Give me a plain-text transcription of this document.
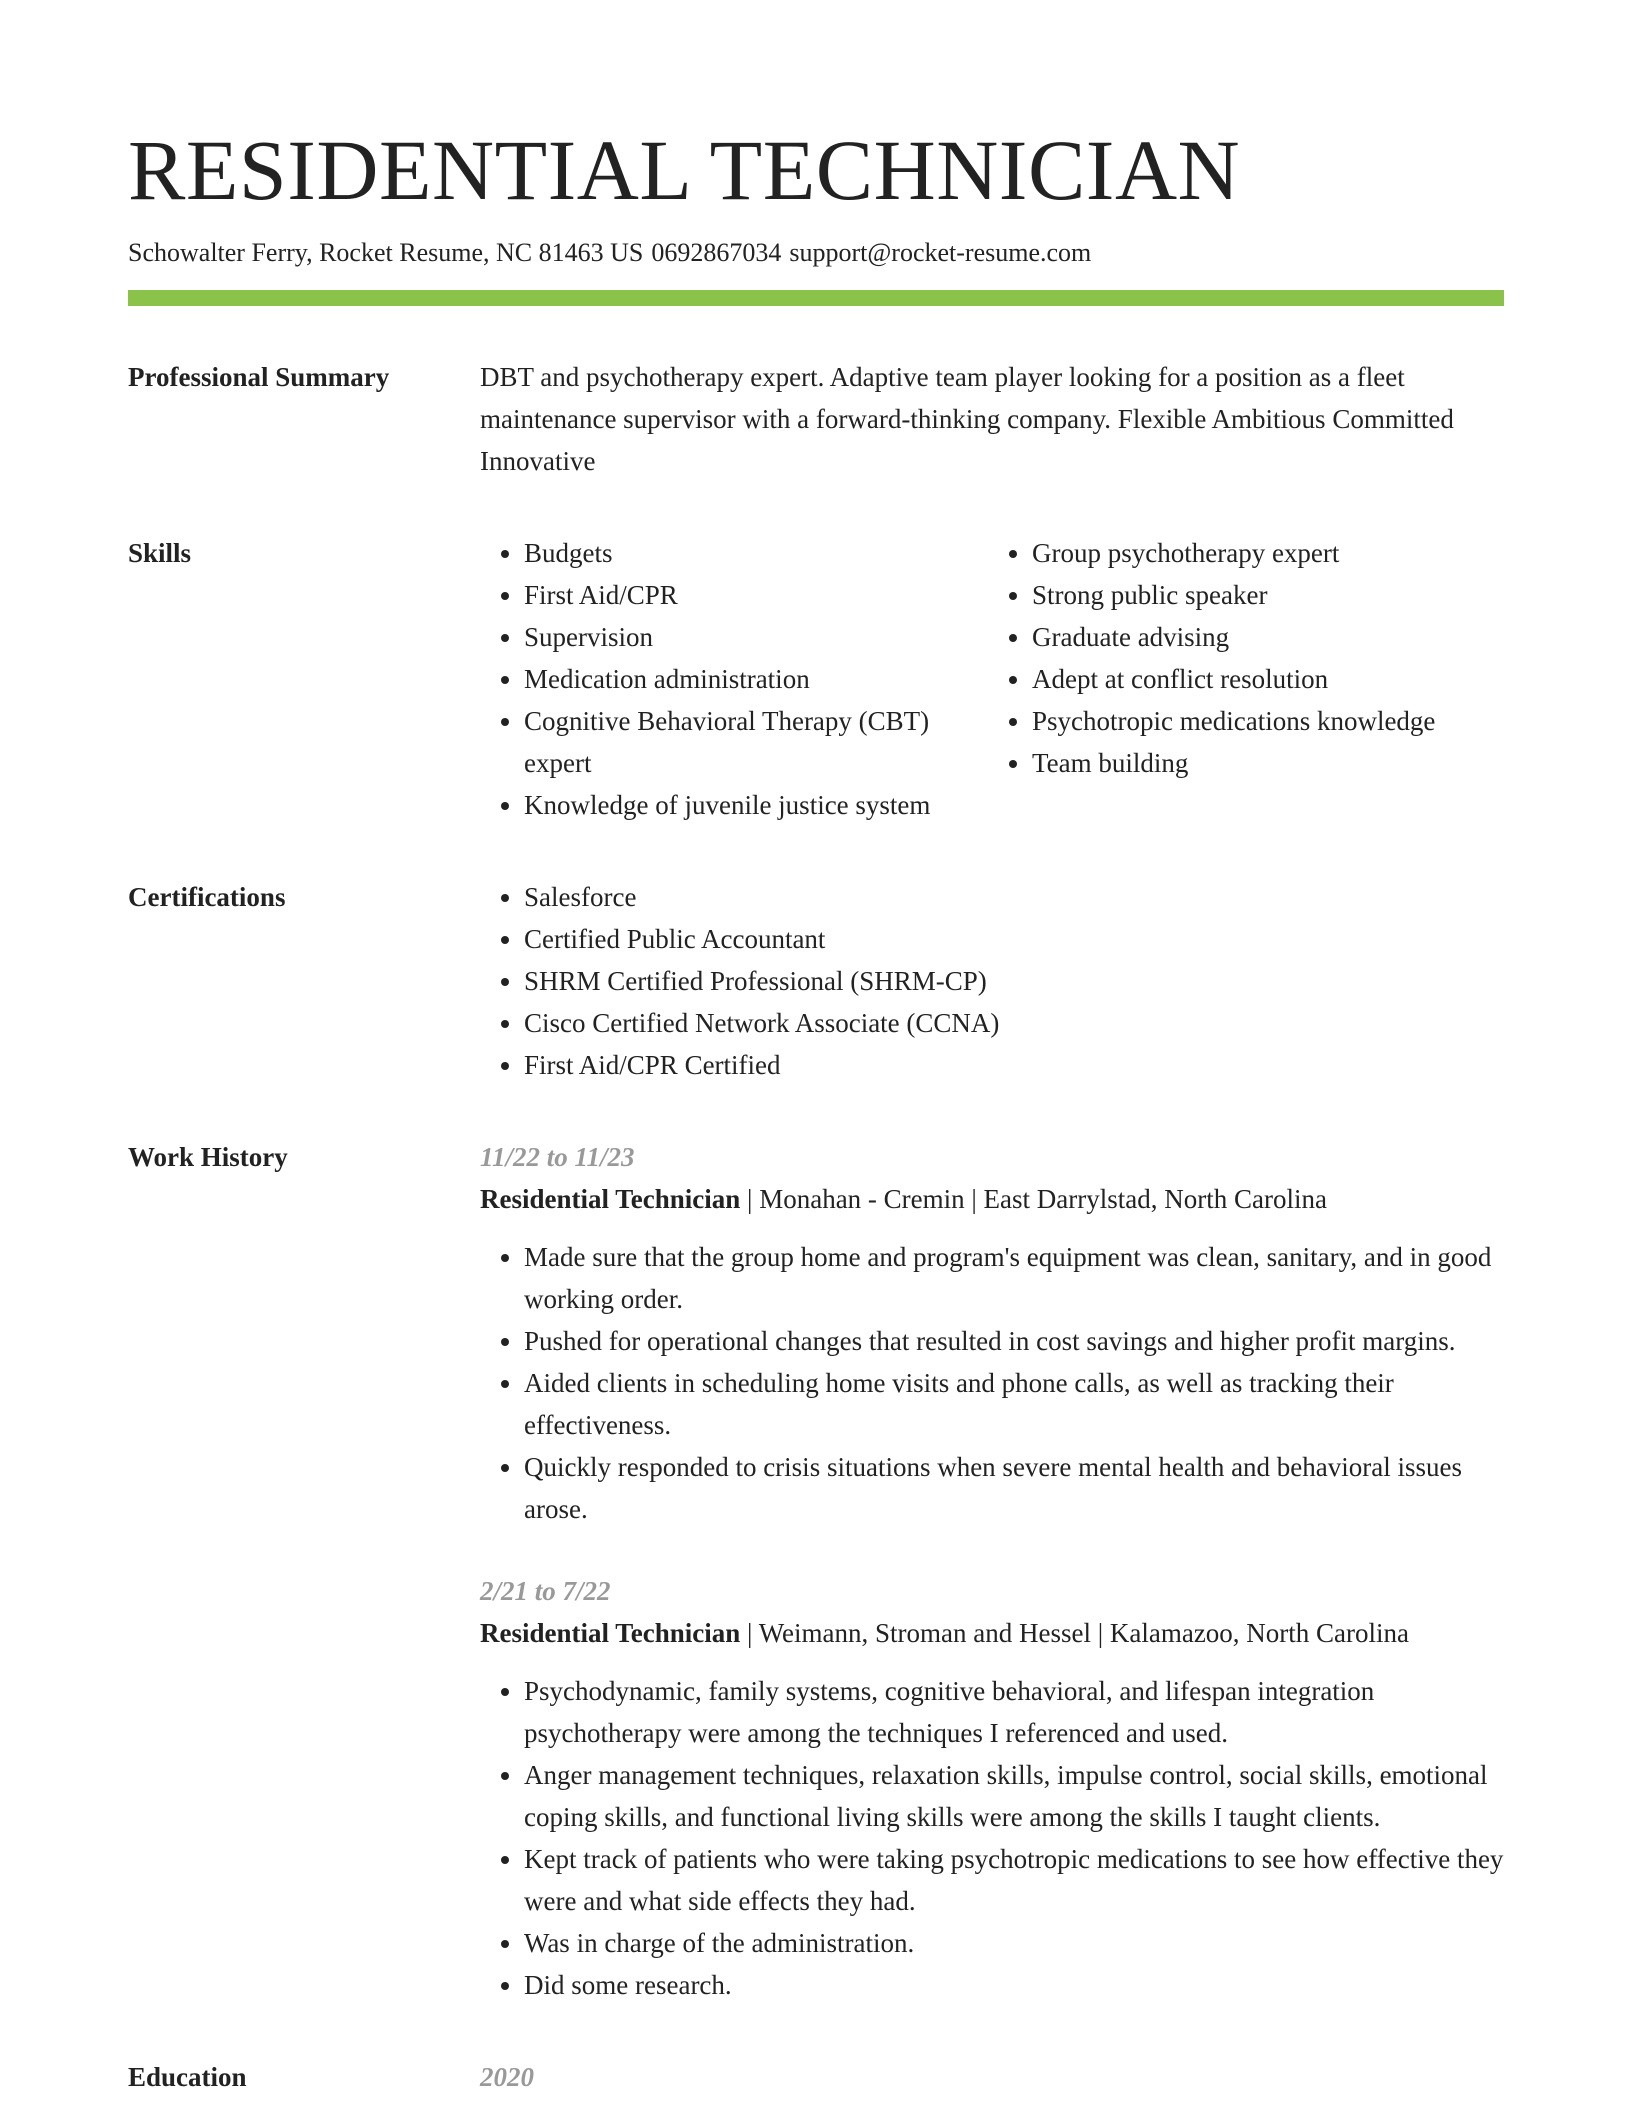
RESIDENTIAL TECHNICIAN
Schowalter Ferry, Rocket Resume, NC 81463 US 0692867034 support@rocket-resume.com
Professional Summary	DBT and psychotherapy expert. Adaptive team player looking for a position as a fleet maintenance supervisor with a forward-thinking company. Flexible Ambitious Committed Innovative
Skills	• Budgets
• First Aid/CPR
• Supervision
• Medication administration
• Cognitive Behavioral Therapy (CBT) expert
• Knowledge of juvenile justice system
• Group psychotherapy expert
• Strong public speaker
• Graduate advising
• Adept at conflict resolution
• Psychotropic medications knowledge
• Team building
Certifications	• Salesforce
• Certified Public Accountant
• SHRM Certified Professional (SHRM-CP)
• Cisco Certified Network Associate (CCNA)
• First Aid/CPR Certified
Work History	11/22 to 11/23
Residential Technician | Monahan - Cremin | East Darrylstad, North Carolina
• Made sure that the group home and program's equipment was clean, sanitary, and in good working order.
• Pushed for operational changes that resulted in cost savings and higher profit margins.
• Aided clients in scheduling home visits and phone calls, as well as tracking their effectiveness.
• Quickly responded to crisis situations when severe mental health and behavioral issues arose.
2/21 to 7/22
Residential Technician | Weimann, Stroman and Hessel | Kalamazoo, North Carolina
• Psychodynamic, family systems, cognitive behavioral, and lifespan integration psychotherapy were among the techniques I referenced and used.
• Anger management techniques, relaxation skills, impulse control, social skills, emotional coping skills, and functional living skills were among the skills I taught clients.
• Kept track of patients who were taking psychotropic medications to see how effective they were and what side effects they had.
• Was in charge of the administration.
• Did some research.
Education	2020
